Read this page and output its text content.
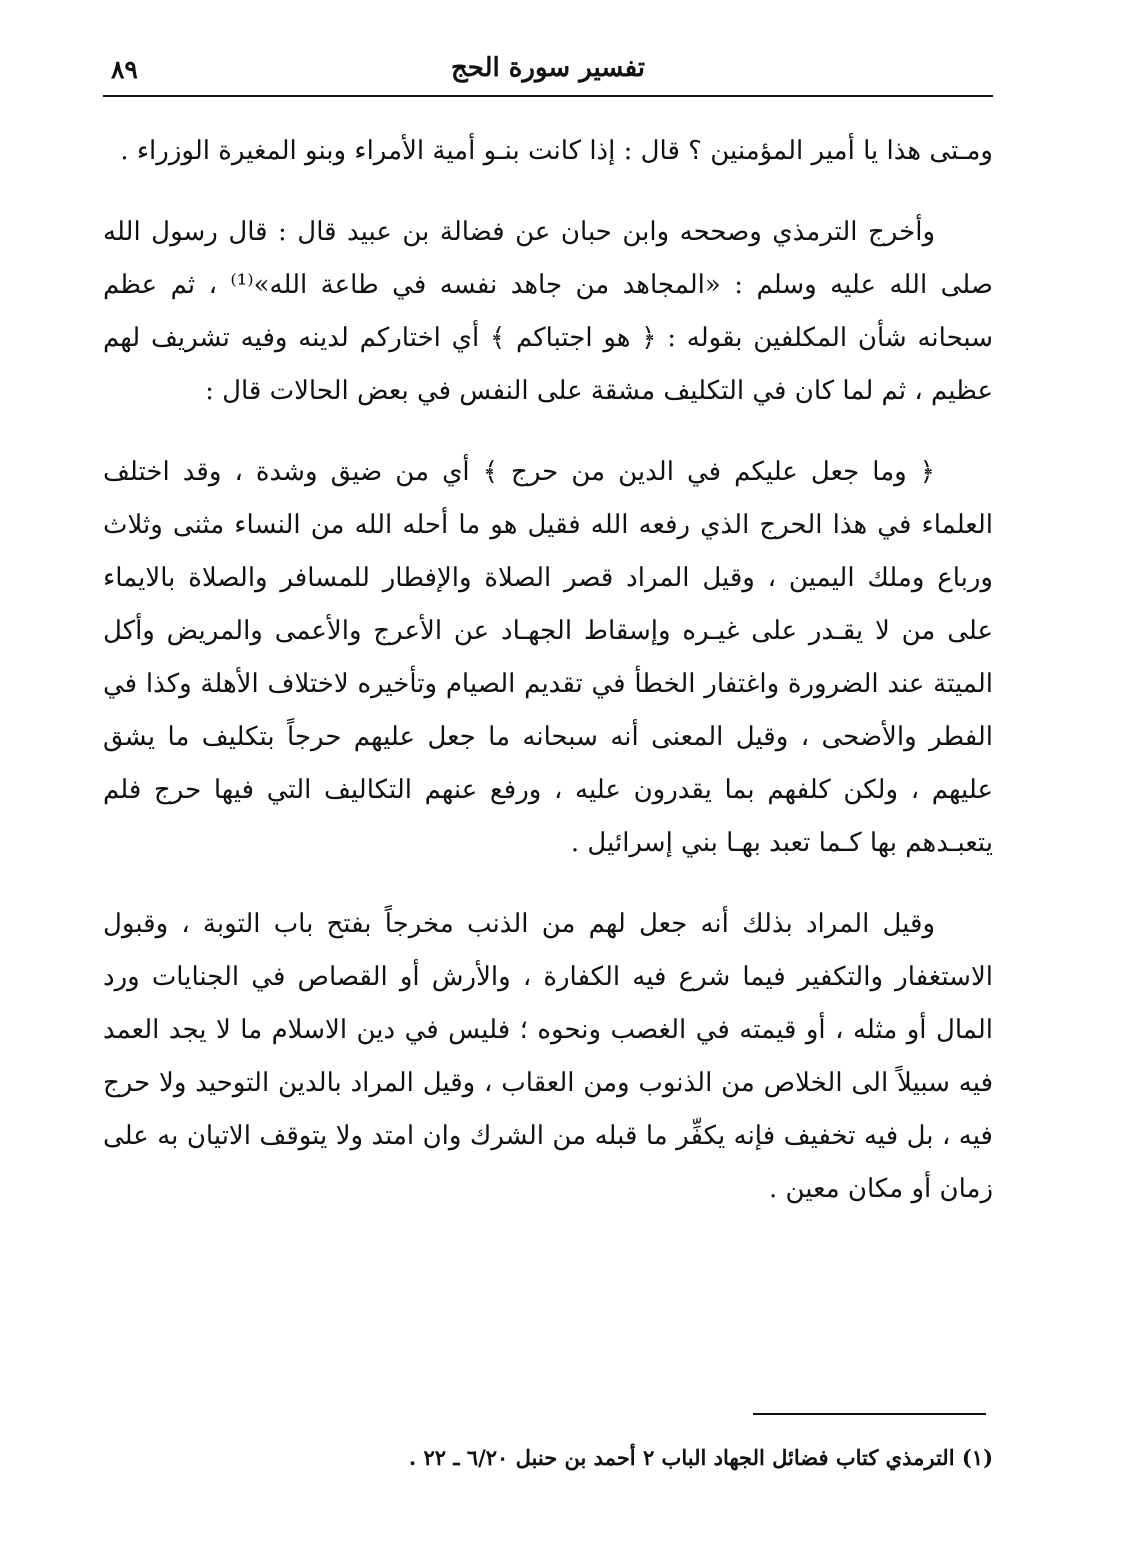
٨٩	تفسير سورة الحج

ومـتى هذا يا أمير المؤمنين ؟ قال : إذا كانت بنـو أمية الأمراء وبنو المغيرة الوزراء .

وأخرج الترمذي وصححه وابن حبان عن فضالة بن عبيد قال : قال رسول الله صلى الله عليه وسلم : «المجاهد من جاهد نفسه في طاعة الله»⁽¹⁾ ، ثم عظم سبحانه شأن المكلفين بقوله : ﴿ هو اجتباكم ﴾ أي اختاركم لدينه وفيه تشريف لهم عظيم ، ثم لما كان في التكليف مشقة على النفس في بعض الحالات قال :

﴿ وما جعل عليكم في الدين من حرج ﴾ أي من ضيق وشدة ، وقد اختلف العلماء في هذا الحرج الذي رفعه الله فقيل هو ما أحله الله من النساء مثنى وثلاث ورباع وملك اليمين ، وقيل المراد قصر الصلاة والإفطار للمسافر والصلاة بالايماء على من لا يقـدر على غيـره وإسقاط الجهـاد عن الأعرج والأعمى والمريض وأكل الميتة عند الضرورة واغتفار الخطأ في تقديم الصيام وتأخيره لاختلاف الأهلة وكذا في الفطر والأضحى ، وقيل المعنى أنه سبحانه ما جعل عليهم حرجاً بتكليف ما يشق عليهم ، ولكن كلفهم بما يقدرون عليه ، ورفع عنهم التكاليف التي فيها حرج فلم يتعبـدهم بها كـما تعبد بهـا بني إسرائيل .

وقيل المراد بذلك أنه جعل لهم من الذنب مخرجاً بفتح باب التوبة ، وقبول الاستغفار والتكفير فيما شرع فيه الكفارة ، والأرش أو القصاص في الجنايات ورد المال أو مثله ، أو قيمته في الغصب ونحوه ؛ فليس في دين الاسلام ما لا يجد العمد فيه سبيلاً الى الخلاص من الذنوب ومن العقاب ، وقيل المراد بالدين التوحيد ولا حرج فيه ، بل فيه تخفيف فإنه يكفِّر ما قبله من الشرك وان امتد ولا يتوقف الاتيان به على زمان أو مكان معين .

(١) الترمذي كتاب فضائل الجهاد الباب ٢ أحمد بن حنبل ٦/٢٠ ـ ٢٢ .
